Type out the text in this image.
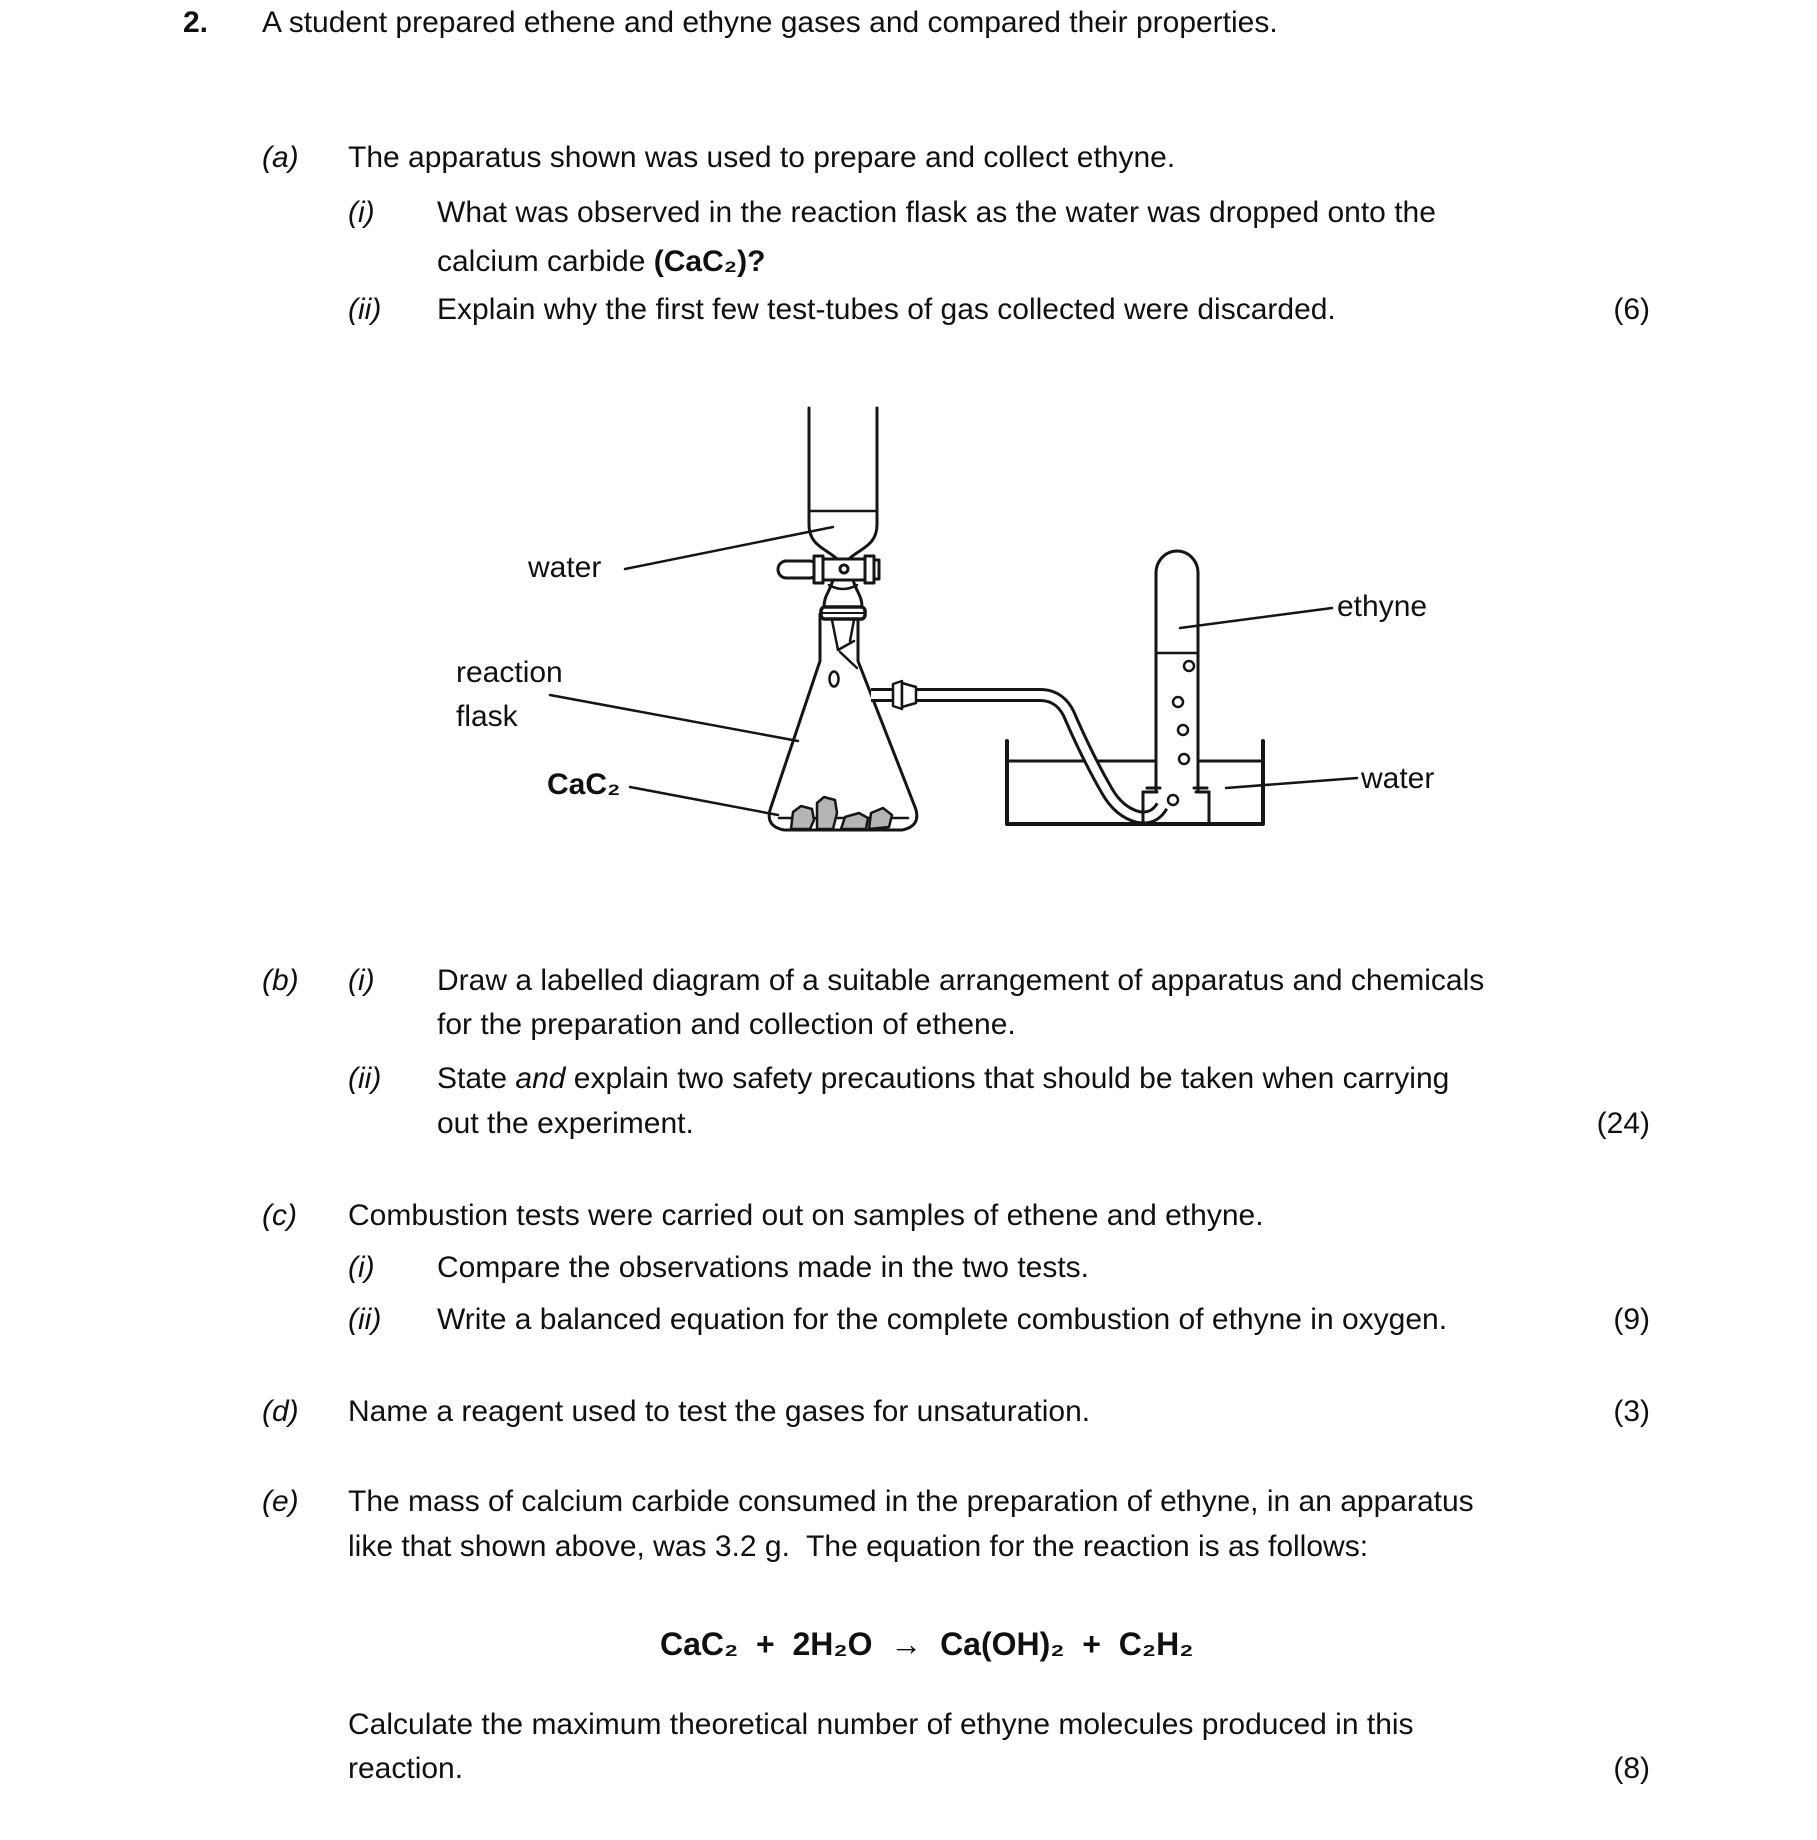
2. A student prepared ethene and ethyne gases and compared their properties.
(a) The apparatus shown was used to prepare and collect ethyne.
(i) What was observed in the reaction flask as the water was dropped onto the
calcium carbide (CaC₂)?
(ii) Explain why the first few test-tubes of gas collected were discarded.	(6)
(b) (i) Draw a labelled diagram of a suitable arrangement of apparatus and chemicals
for the preparation and collection of ethene.
(ii) State and explain two safety precautions that should be taken when carrying
out the experiment.	(24)
(c) Combustion tests were carried out on samples of ethene and ethyne.
(i) Compare the observations made in the two tests.
(ii) Write a balanced equation for the complete combustion of ethyne in oxygen.	(9)
(d) Name a reagent used to test the gases for unsaturation.	(3)
(e) The mass of calcium carbide consumed in the preparation of ethyne, in an apparatus
like that shown above, was 3.2 g.  The equation for the reaction is as follows:
CaC₂  +  2H₂O  →  Ca(OH)₂  +  C₂H₂
Calculate the maximum theoretical number of ethyne molecules produced in this
reaction.	(8)
water
reaction
flask
CaC₂
ethyne
water
